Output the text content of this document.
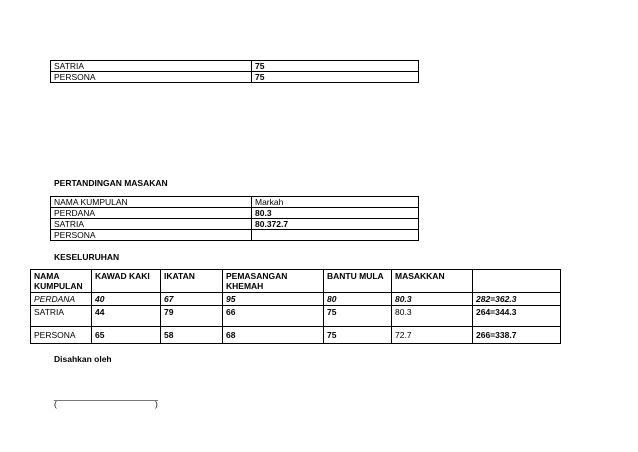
SATRIA	75
PERSONA	75
PERTANDINGAN MASAKAN
NAMA KUMPULAN	Markah
PERDANA	80.3
SATRIA	80.372.7
PERSONA	
KESELURUHAN
NAMA KUMPULAN	KAWAD KAKI	IKATAN	PEMASANGAN KHEMAH	BANTU MULA	MASAKKAN	
PERDANA	40	67	95	80	80.3	282=362.3
SATRIA	44	79	66	75	80.3	264=344.3
PERSONA	65	58	68	75	72.7	266=338.7
Disahkan oleh
______________________
(	)
